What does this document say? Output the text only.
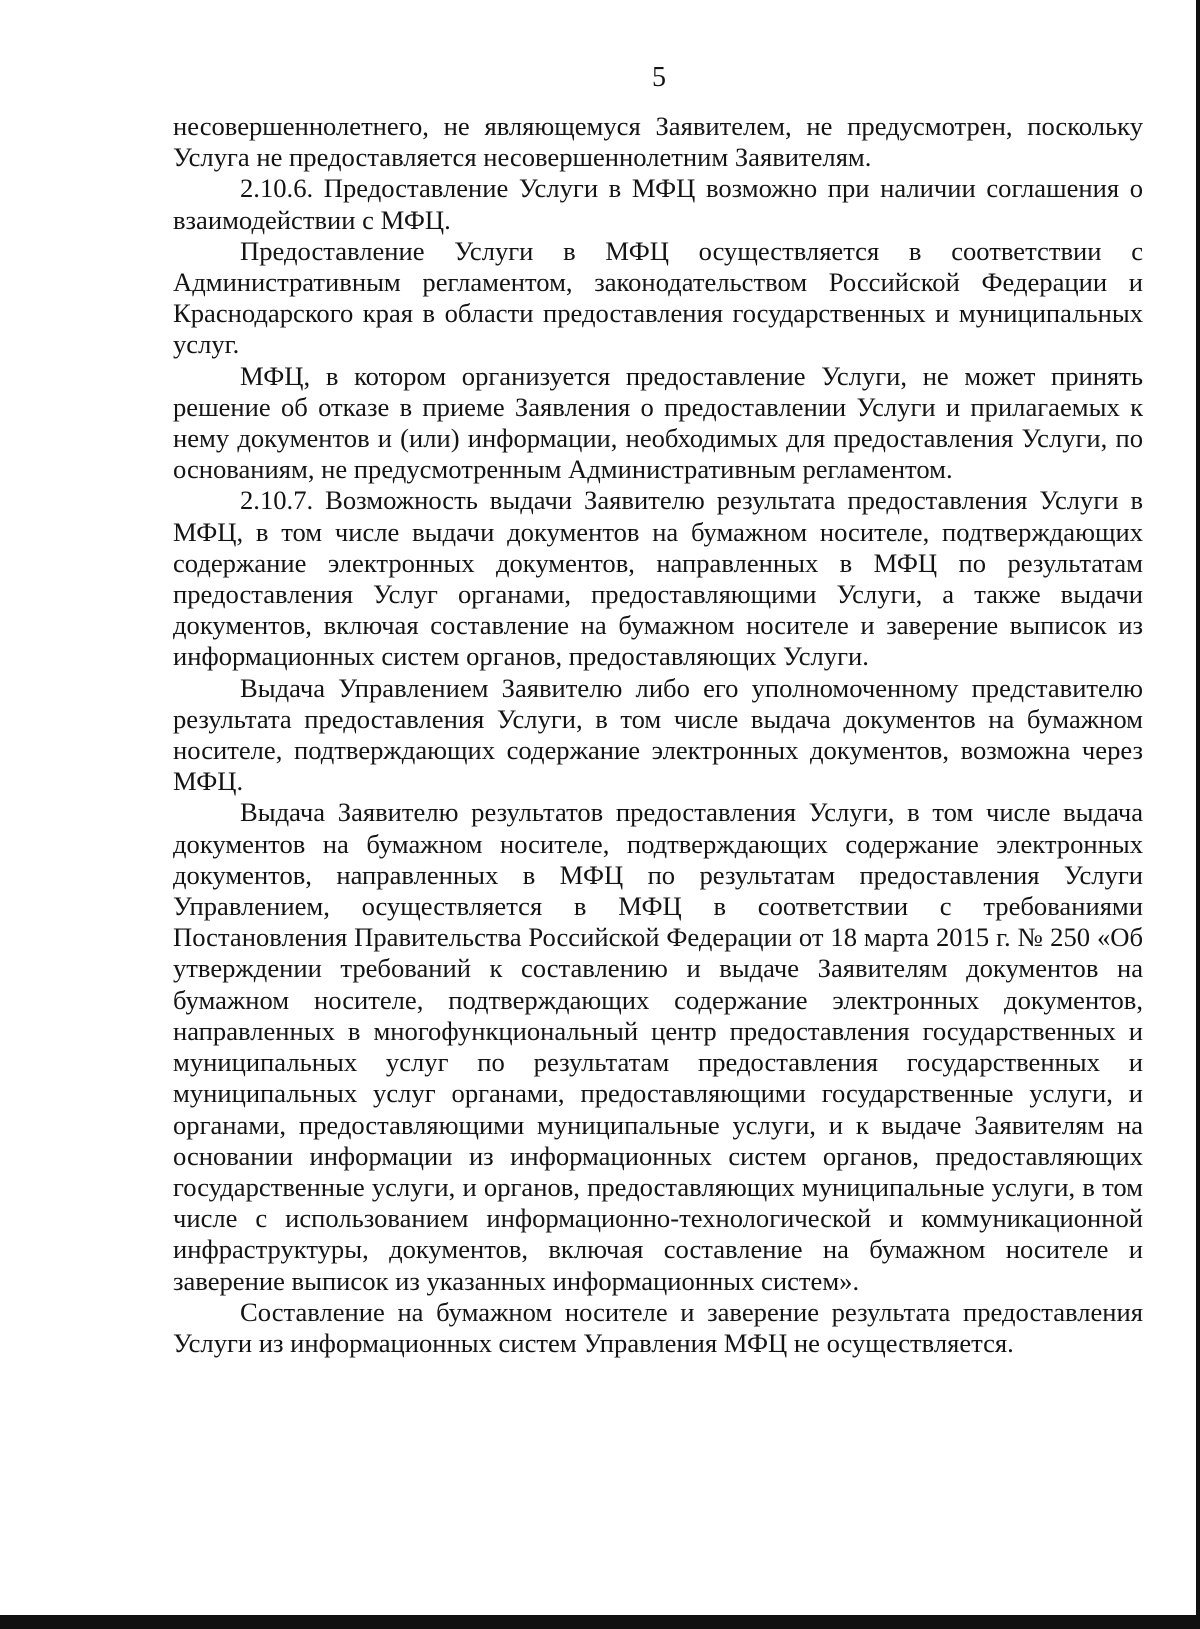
5

несовершеннолетнего, не являющемуся Заявителем, не предусмотрен, поскольку Услуга не предоставляется несовершеннолетним Заявителям.

2.10.6. Предоставление Услуги в МФЦ возможно при наличии соглашения о взаимодействии с МФЦ.

Предоставление Услуги в МФЦ осуществляется в соответствии с Административным регламентом, законодательством Российской Федерации и Краснодарского края в области предоставления государственных и муниципальных услуг.

МФЦ, в котором организуется предоставление Услуги, не может принять решение об отказе в приеме Заявления о предоставлении Услуги и прилагаемых к нему документов и (или) информации, необходимых для предоставления Услуги, по основаниям, не предусмотренным Административным регламентом.

2.10.7. Возможность выдачи Заявителю результата предоставления Услуги в МФЦ, в том числе выдачи документов на бумажном носителе, подтверждающих содержание электронных документов, направленных в МФЦ по результатам предоставления Услуг органами, предоставляющими Услуги, а также выдачи документов, включая составление на бумажном носителе и заверение выписок из информационных систем органов, предоставляющих Услуги.

Выдача Управлением Заявителю либо его уполномоченному представителю результата предоставления Услуги, в том числе выдача документов на бумажном носителе, подтверждающих содержание электронных документов, возможна через МФЦ.

Выдача Заявителю результатов предоставления Услуги, в том числе выдача документов на бумажном носителе, подтверждающих содержание электронных документов, направленных в МФЦ по результатам предоставления Услуги Управлением, осуществляется в МФЦ в соответствии с требованиями Постановления Правительства Российской Федерации от 18 марта 2015 г. № 250 «Об утверждении требований к составлению и выдаче Заявителям документов на бумажном носителе, подтверждающих содержание электронных документов, направленных в многофункциональный центр предоставления государственных и муниципальных услуг по результатам предоставления государственных и муниципальных услуг органами, предоставляющими государственные услуги, и органами, предоставляющими муниципальные услуги, и к выдаче Заявителям на основании информации из информационных систем органов, предоставляющих государственные услуги, и органов, предоставляющих муниципальные услуги, в том числе с использованием информационно-технологической и коммуникационной инфраструктуры, документов, включая составление на бумажном носителе и заверение выписок из указанных информационных систем».

Составление на бумажном носителе и заверение результата предоставления Услуги из информационных систем Управления МФЦ не осуществляется.
